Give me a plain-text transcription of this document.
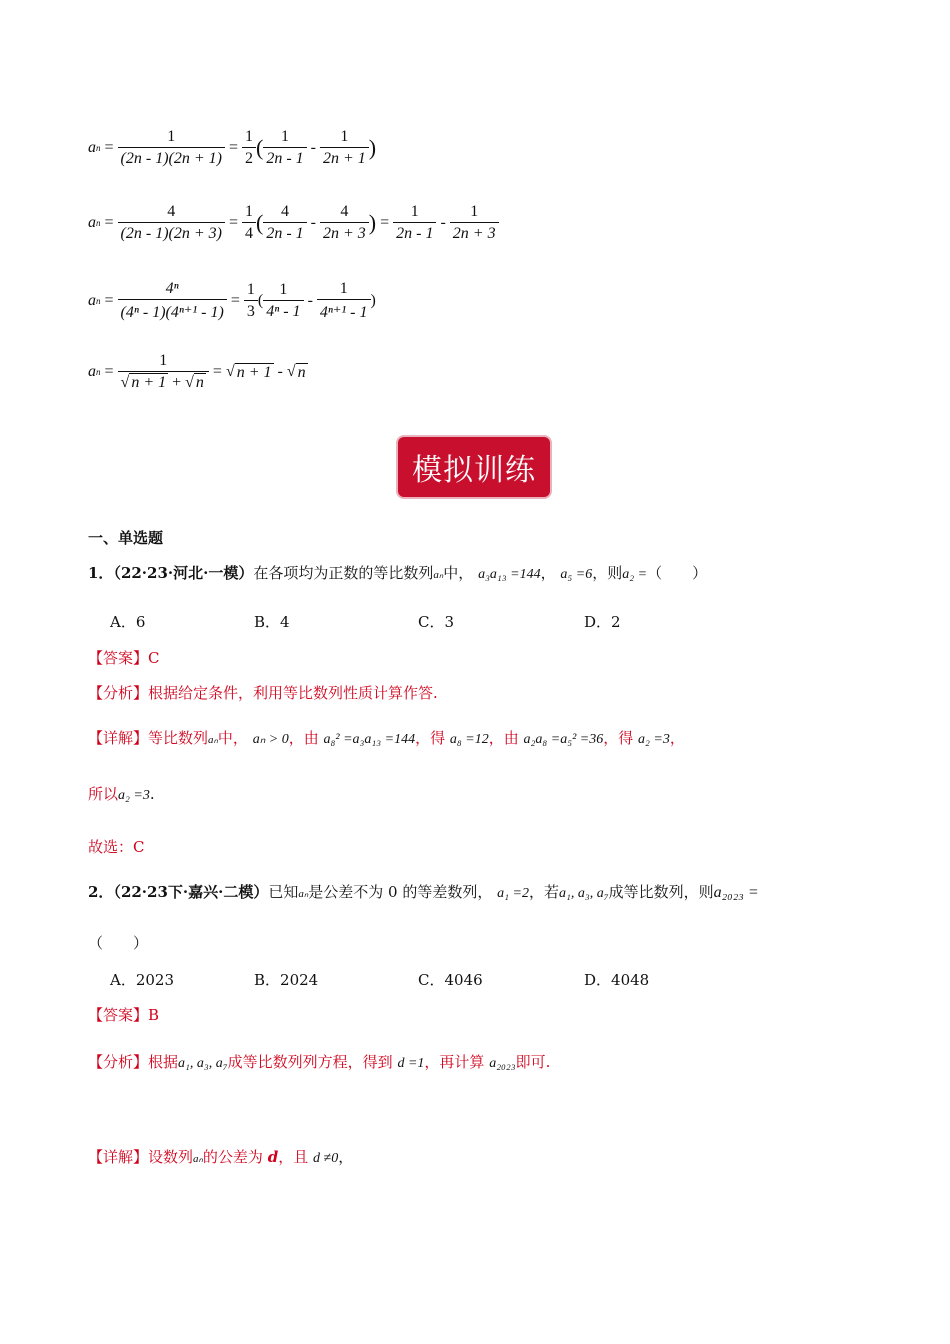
a $n = \frac{1}{(2n - 1)(2n + 1)} = \frac{1}{2}$ ( $\frac{1}{2n - 1} - \frac{1}{2n + 1}$ )
a $n = \frac{4}{(2n - 1)(2n + 3)} = \frac{1}{4}$ ( $\frac{4}{2n - 1} - \frac{4}{2n + 3}$ ) = $\frac{1}{2n - 1} - \frac{1}{2n + 3}$
a $n = \frac{\text{4ⁿ}}{\text{(4ⁿ - 1)(4ⁿ⁺¹ - 1)}} = \frac{1}{3}$ ( $\frac{1}{\text{4ⁿ - 1}} - \frac{1}{\text{4ⁿ⁺¹ - 1}}$ )
a $n = \frac{1}{√ n + 1 + √ n}$ = √ n + 1 - √ n
模拟训练
一、单选题
1．（22·23·河北·一模）在各项均为正数的等比数列aₙ中， a₃a₁₃ =144， a₅ =6，则a₂ =（　　）
A．6	B．4	C．3	D．2
【答案】C
【分析】根据给定条件，利用等比数列性质计算作答.
【详解】等比数列aₙ中， aₙ > 0，由 a₈² =a₃a₁₃ =144，得 a₈ =12，由 a₂a₈ =a₅² =36，得 a₂ =3，
所以a₂ =3.
故选：C
2．（22·23下·嘉兴·二模）已知aₙ是公差不为 0 的等差数列， a₁ =2，若a₁, a₃, a₇成等比数列，则a₂₀₂₃ =
（　　）
A．2023	B．2024	C．4046	D．4048
【答案】B
【分析】根据a₁, a₃, a₇成等比数列列方程，得到 d =1，再计算 a₂₀₂₃即可.
【详解】设数列aₙ的公差为 d，且 d ≠0，
